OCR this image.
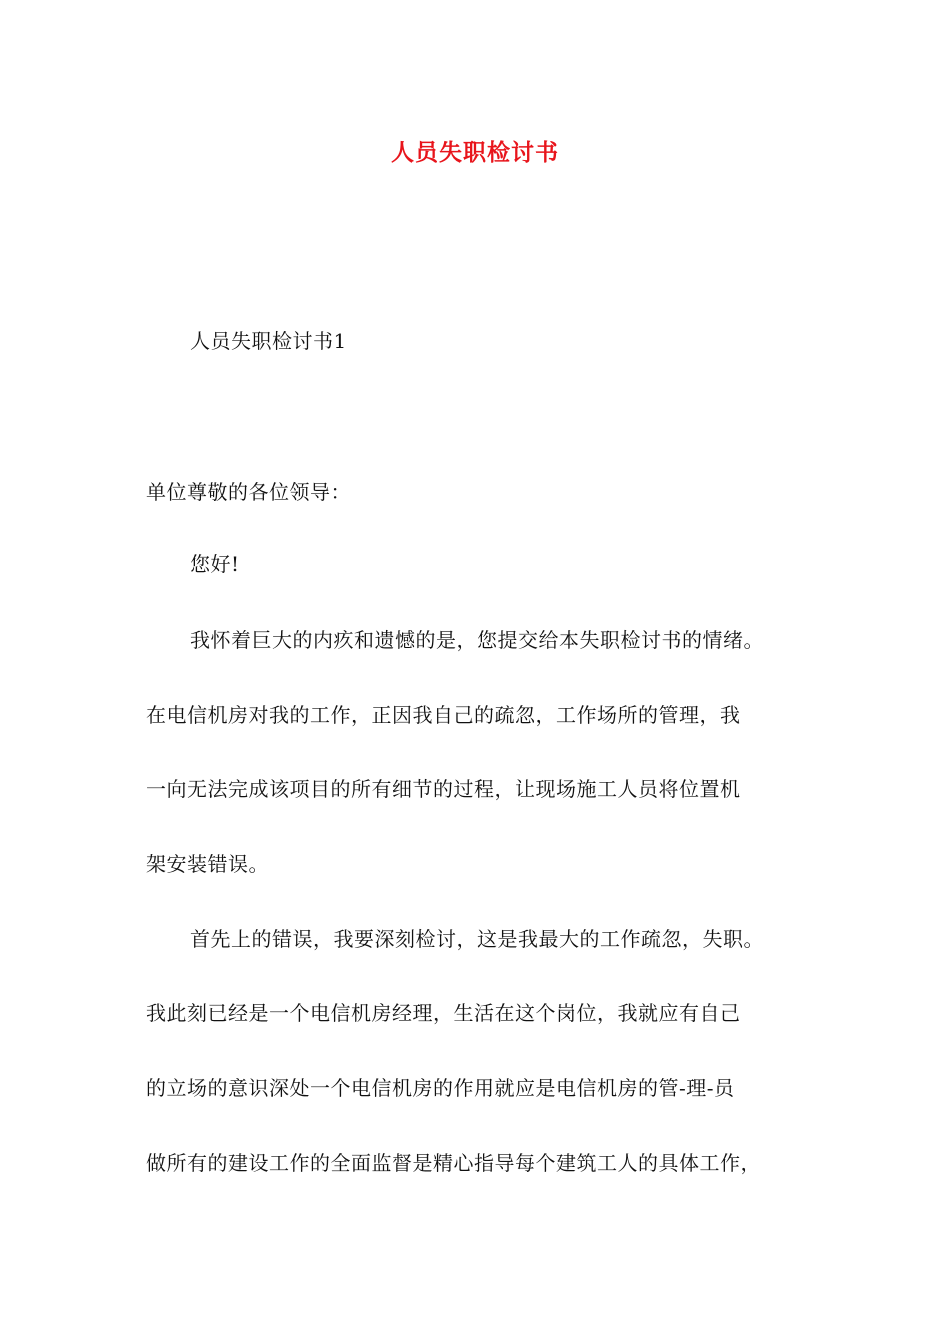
人员失职检讨书
人员失职检讨书1
单位尊敬的各位领导：
您好!
我怀着巨大的内疚和遗憾的是，您提交给本失职检讨书的情绪。
在电信机房对我的工作，正因我自己的疏忽，工作场所的管理，我
一向无法完成该项目的所有细节的过程，让现场施工人员将位置机
架安装错误。
首先上的错误，我要深刻检讨，这是我最大的工作疏忽，失职。
我此刻已经是一个电信机房经理，生活在这个岗位，我就应有自己
的立场的意识深处一个电信机房的作用就应是电信机房的管-理-员
做所有的建设工作的全面监督是精心指导每个建筑工人的具体工作，
